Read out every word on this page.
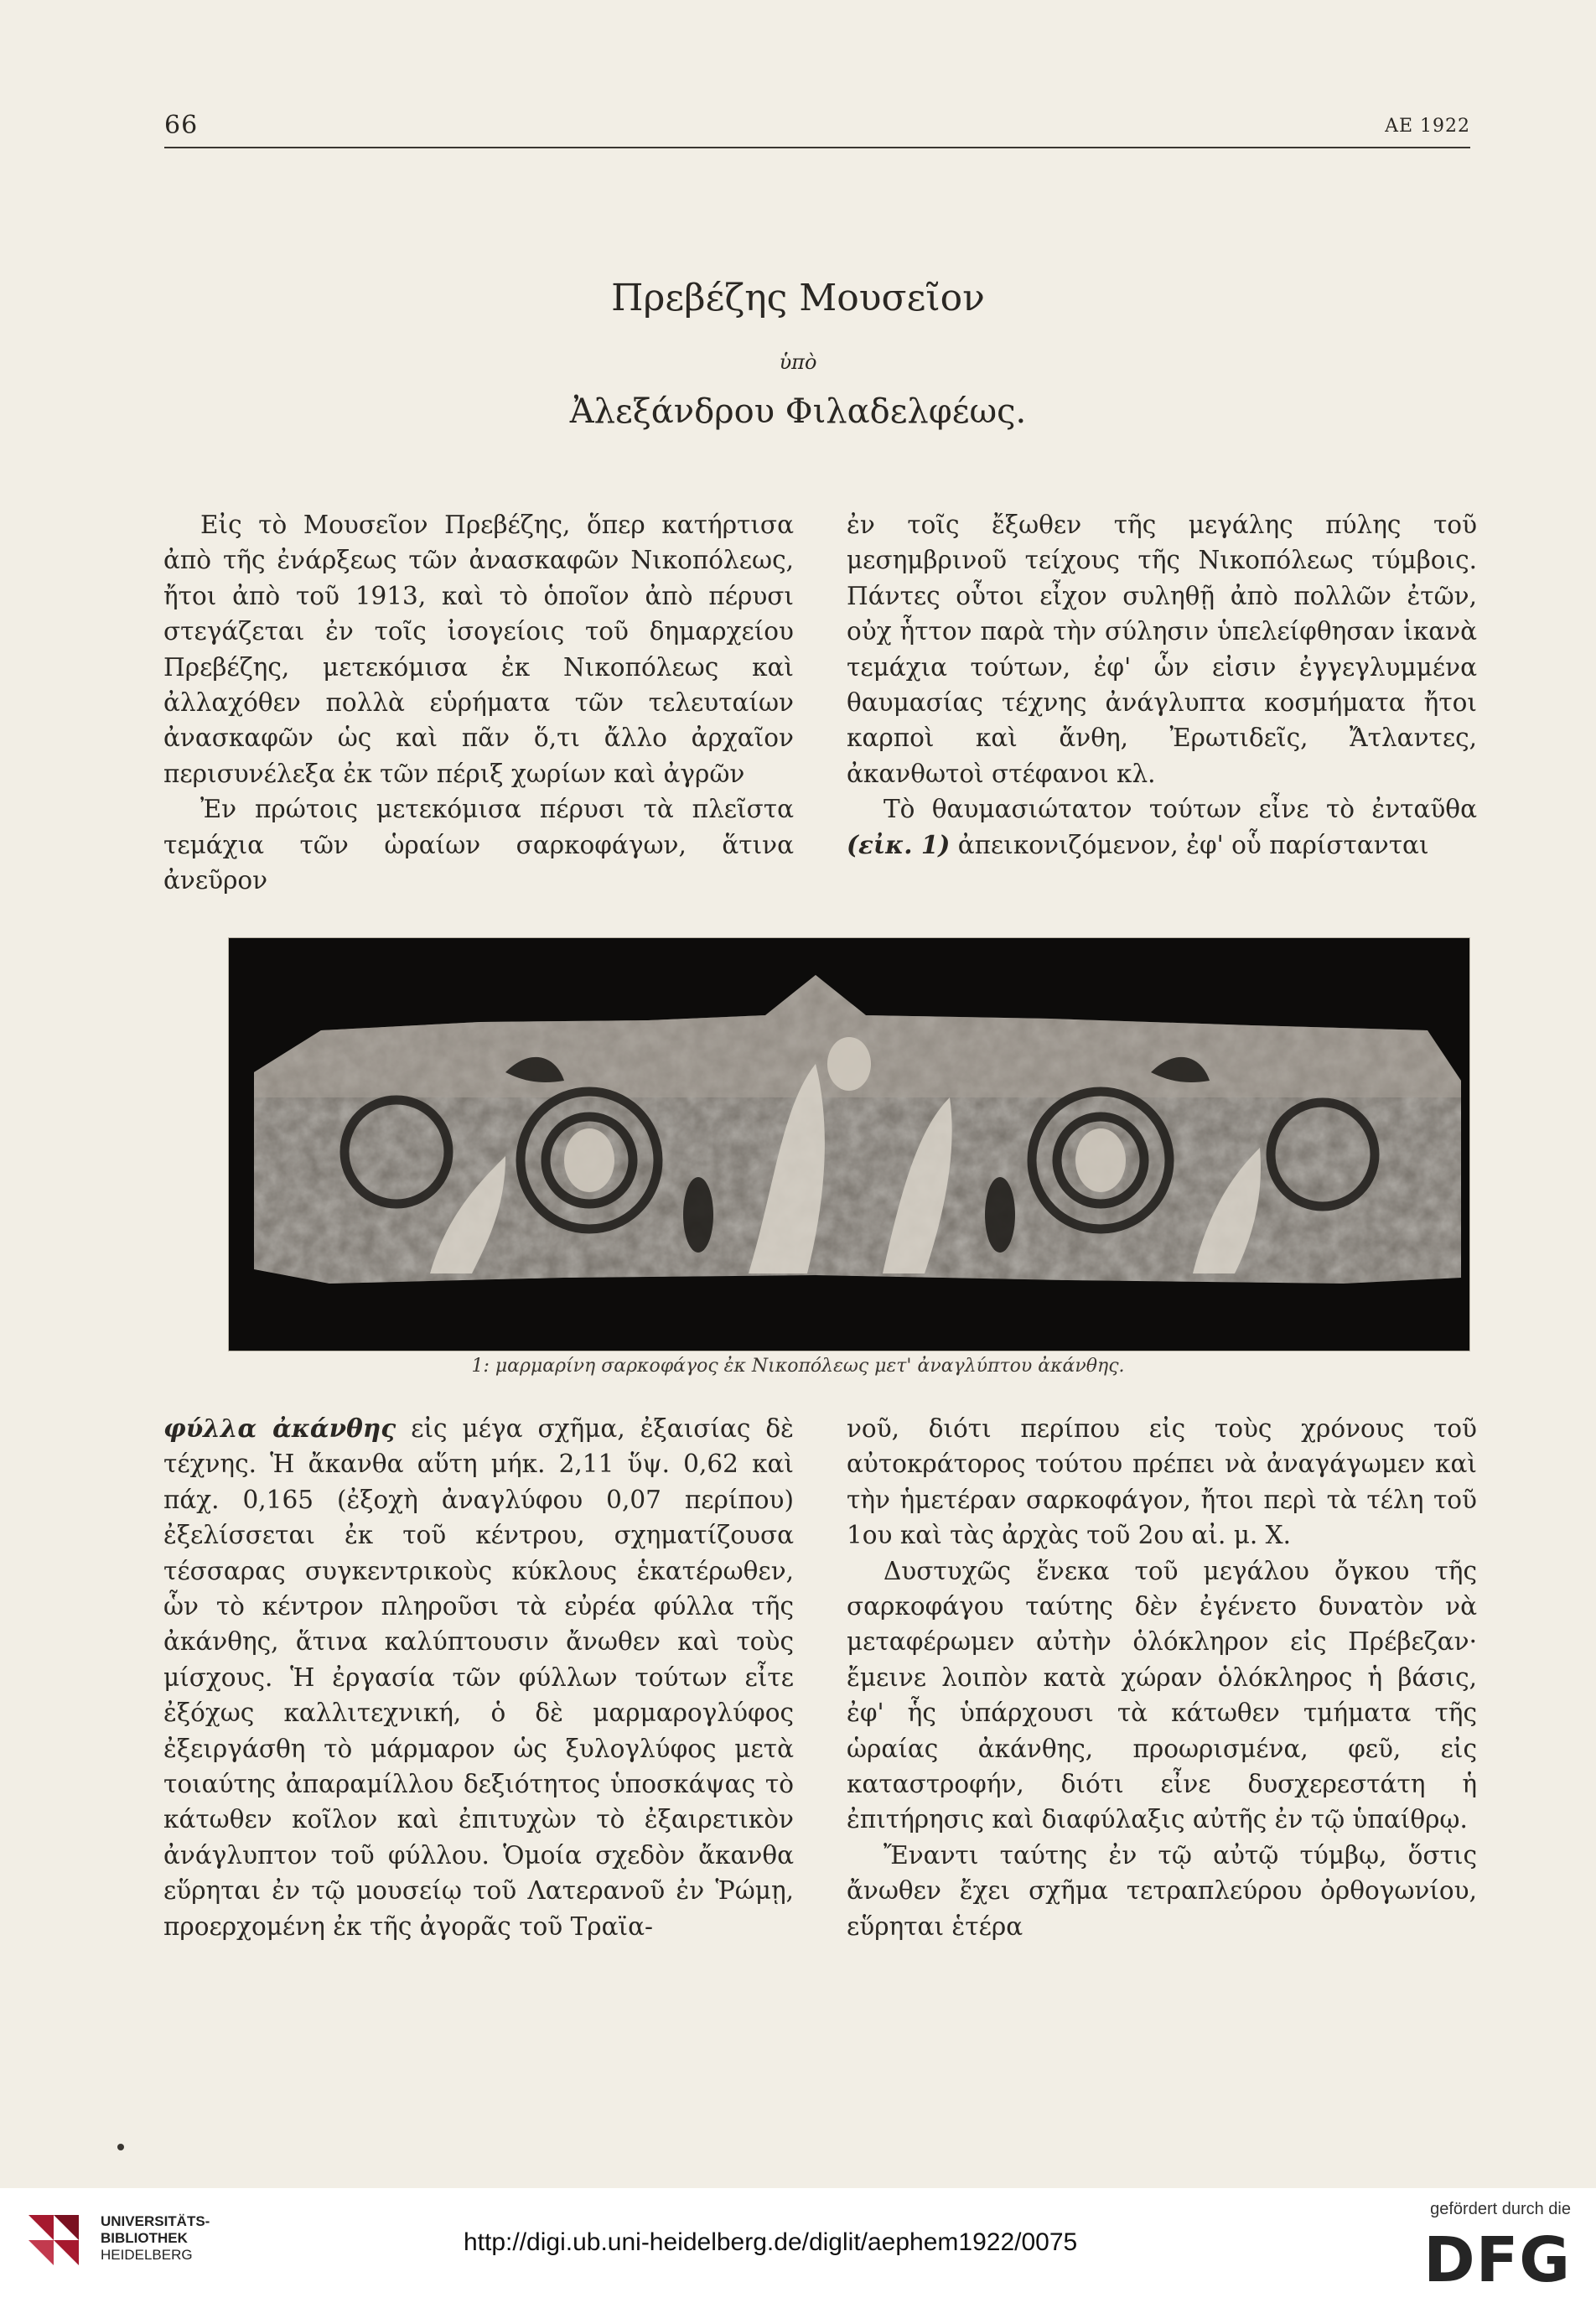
66	ΑΕ 1922
Πρεβέζης Μουσεῖον
ὑπὸ
Ἀλεξάνδρου Φιλαδελφέως.

Εἰς τὸ Μουσεῖον Πρεβέζης, ὅπερ κατήρτισα ἀπὸ τῆς ἐνάρξεως τῶν ἀνασκαφῶν Νικοπόλεως, ἤτοι ἀπὸ τοῦ 1913, καὶ τὸ ὁποῖον ἀπὸ πέρυσι στεγάζεται ἐν τοῖς ἰσογείοις τοῦ δημαρχείου Πρεβέζης, μετεκόμισα ἐκ Νικοπόλεως καὶ ἀλλαχόθεν πολλὰ εὑρήματα τῶν τελευταίων ἀνασκαφῶν ὡς καὶ πᾶν ὅ,τι ἄλλο ἀρχαῖον περισυνέλεξα ἐκ τῶν πέριξ χωρίων καὶ ἀγρῶν

Ἐν πρώτοις μετεκόμισα πέρυσι τὰ πλεῖστα τεμάχια τῶν ὡραίων σαρκοφάγων, ἅτινα ἀνεῦρον

ἐν τοῖς ἔξωθεν τῆς μεγάλης πύλης τοῦ μεσημβρινοῦ τείχους τῆς Νικοπόλεως τύμβοις. Πάντες οὗτοι εἶχον συληθῇ ἀπὸ πολλῶν ἐτῶν, οὐχ ἧττον παρὰ τὴν σύλησιν ὑπελείφθησαν ἱκανὰ τεμάχια τούτων, ἐφ' ὧν εἰσιν ἐγγεγλυμμένα θαυμασίας τέχνης ἀνάγλυπτα κοσμήματα ἤτοι καρποὶ καὶ ἄνθη, Ἐρωτιδεῖς, Ἄτλαντες, ἀκανθωτοὶ στέφανοι κλ.

Τὸ θαυμασιώτατον τούτων εἶνε τὸ ἐνταῦθα (εἰκ. 1) ἀπεικονιζόμενον, ἐφ' οὗ παρίστανται

1: μαρμαρίνη σαρκοφάγος ἐκ Νικοπόλεως μετ' ἀναγλύπτου ἀκάνθης.

φύλλα ἀκάνθης εἰς μέγα σχῆμα, ἐξαισίας δὲ τέχνης. Ἡ ἄκανθα αὕτη μήκ. 2,11 ὕψ. 0,62 καὶ πάχ. 0,165 (ἐξοχὴ ἀναγλύφου 0,07 περίπου) ἐξελίσσεται ἐκ τοῦ κέντρου, σχηματίζουσα τέσσαρας συγκεντρικοὺς κύκλους ἑκατέρωθεν, ὧν τὸ κέντρον πληροῦσι τὰ εὐρέα φύλλα τῆς ἀκάνθης, ἅτινα καλύπτουσιν ἄνωθεν καὶ τοὺς μίσχους. Ἡ ἐργασία τῶν φύλλων τούτων εἶτε ἐξόχως καλλιτεχνική, ὁ δὲ μαρμαρογλύφος ἐξειργάσθη τὸ μάρμαρον ὡς ξυλογλύφος μετὰ τοιαύτης ἀπαραμίλλου δεξιότητος ὑποσκάψας τὸ κάτωθεν κοῖλον καὶ ἐπιτυχὼν τὸ ἐξαιρετικὸν ἀνάγλυπτον τοῦ φύλλου. Ὁμοία σχεδὸν ἄκανθα εὕρηται ἐν τῷ μουσείῳ τοῦ Λατερανοῦ ἐν Ῥώμῃ, προερχομένη ἐκ τῆς ἀγορᾶς τοῦ Τραϊα-

νοῦ, διότι περίπου εἰς τοὺς χρόνους τοῦ αὐτοκράτορος τούτου πρέπει νὰ ἀναγάγωμεν καὶ τὴν ἡμετέραν σαρκοφάγον, ἤτοι περὶ τὰ τέλη τοῦ 1ου καὶ τὰς ἀρχὰς τοῦ 2ου αἰ. μ. Χ.

Δυστυχῶς ἕνεκα τοῦ μεγάλου ὄγκου τῆς σαρκοφάγου ταύτης δὲν ἐγένετο δυνατὸν νὰ μεταφέρωμεν αὐτὴν ὁλόκληρον εἰς Πρέβεζαν· ἔμεινε λοιπὸν κατὰ χώραν ὁλόκληρος ἡ βάσις, ἐφ' ἧς ὑπάρχουσι τὰ κάτωθεν τμήματα τῆς ὡραίας ἀκάνθης, προωρισμένα, φεῦ, εἰς καταστροφήν, διότι εἶνε δυσχερεστάτη ἡ ἐπιτήρησις καὶ διαφύλαξις αὐτῆς ἐν τῷ ὑπαίθρῳ.

Ἔναντι ταύτης ἐν τῷ αὐτῷ τύμβῳ, ὅστις ἄνωθεν ἔχει σχῆμα τετραπλεύρου ὀρθογωνίου, εὕρηται ἑτέρα

UNIVERSITÄTS-
BIBLIOTHEK
HEIDELBERG	http://digi.ub.uni-heidelberg.de/diglit/aephem1922/0075
gefördert durch die
DFG
